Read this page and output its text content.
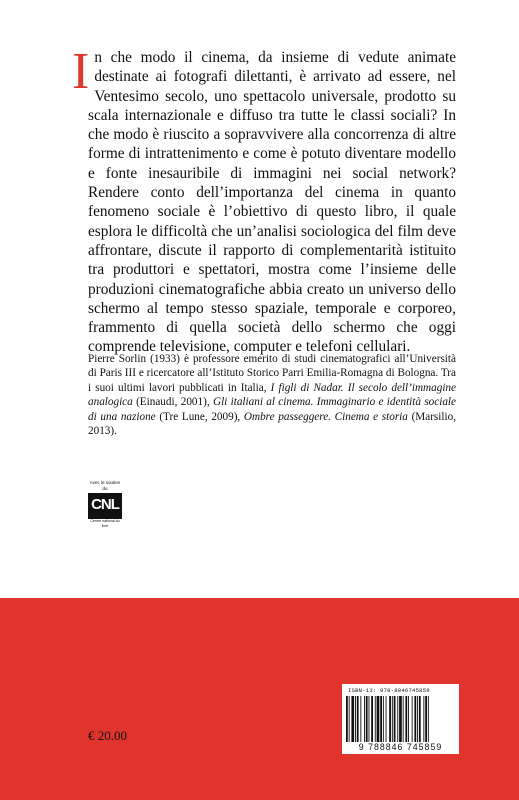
In che modo il cinema, da insieme di vedute animate destinate ai fotografi dilettanti, è arrivato ad essere, nel Ventesimo secolo, uno spettacolo universale, prodotto su scala internazionale e diffuso tra tutte le classi sociali? In che modo è riuscito a sopravvivere alla concorrenza di altre forme di intrattenimento e come è potuto diventare modello e fonte inesauribile di immagini nei social network? Rendere conto dell’importanza del cinema in quanto fenomeno sociale è l’obiettivo di questo libro, il quale esplora le difficoltà che un’analisi sociologica del film deve affrontare, discute il rapporto di complementarità istituito tra produttori e spettatori, mostra come l’insieme delle produzioni cinematografiche abbia creato un universo dello schermo al tempo stesso spaziale, temporale e corporeo, frammento di quella società dello schermo che oggi comprende televisione, computer e telefoni cellulari.

Pierre Sorlin (1933) è professore emerito di studi cinematografici all’Università di Paris III e ricercatore all’Istituto Storico Parri Emilia-Romagna di Bologna. Tra i suoi ultimi lavori pubblicati in Italia, I figli di Nadar. Il secolo dell’immagine analogica (Einaudi, 2001), Gli italiani al cinema. Immaginario e identità sociale di una nazione (Tre Lune, 2009), Ombre passeggere. Cinema e storia (Marsilio, 2013).

Avec le soutien du
CNL
Centre national du livre
€ 20.00
ISBN-13: 978-8846745859
9 788846 745859
